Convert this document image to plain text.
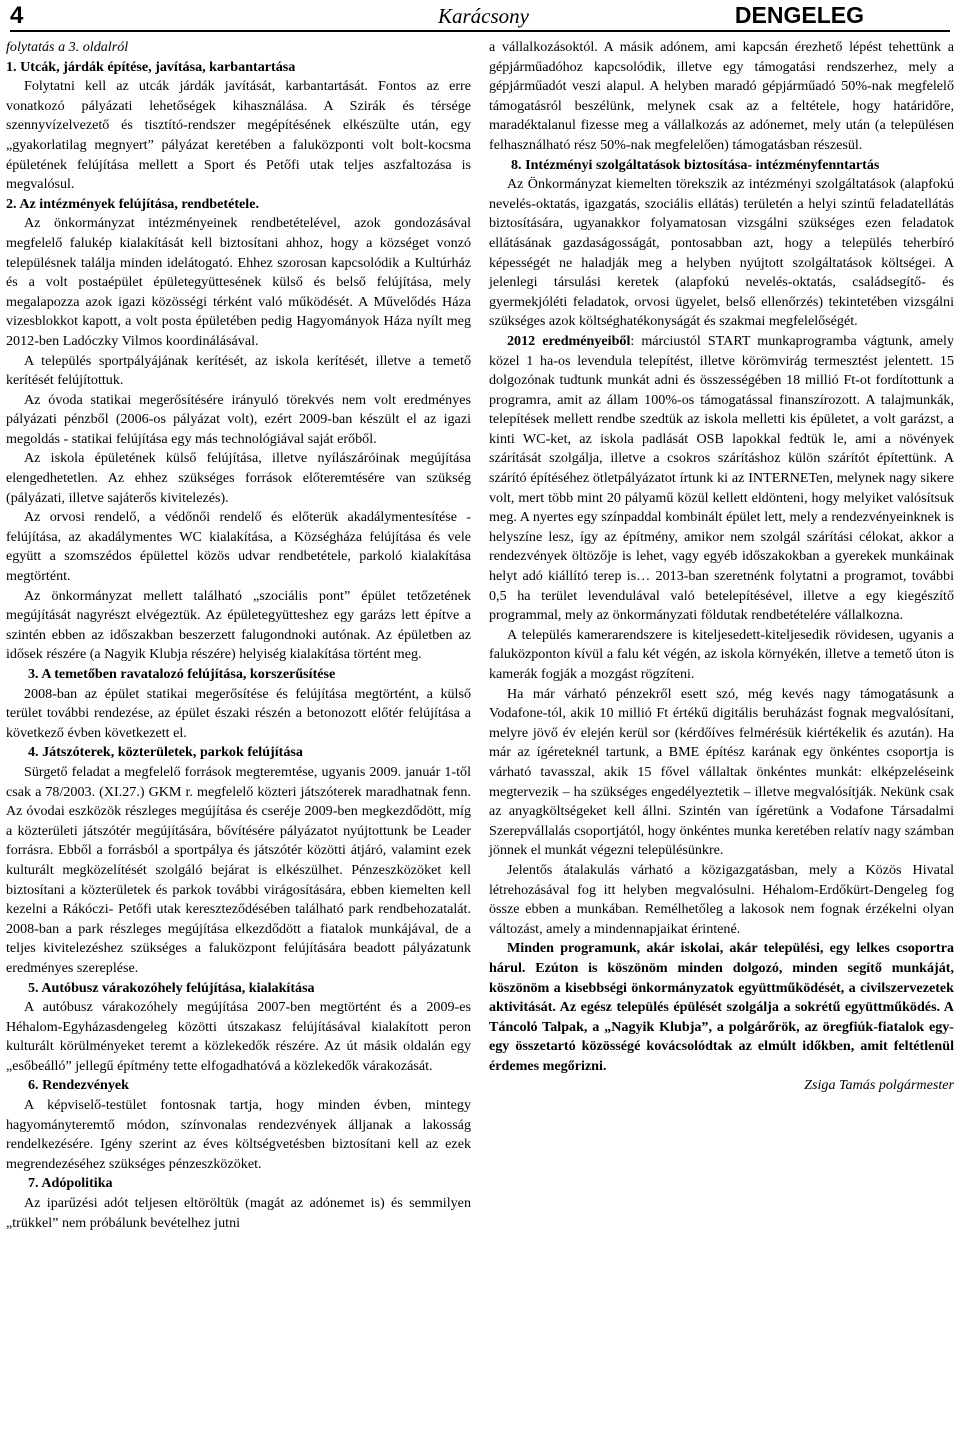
4	Karácsony	DENGELEG

folytatás a 3. oldalról

1. Utcák, járdák építése, javítása, karbantartása

Folytatni kell az utcák járdák javítását, karbantartását. Fontos az erre vonatkozó pályázati lehetőségek kihasználása. A Szirák és térsége szennyvízelvezető és tisztító-rendszer megépítésének elkészülte után, egy „gyakorlatilag megnyert” pályázat keretében a faluközponti volt bolt-kocsma épületének felújítása mellett a Sport és Petőfi utak teljes aszfaltozása is megvalósul.

2. Az intézmények felújítása, rendbetétele.

Az önkormányzat intézményeinek rendbetételével, azok gondozásával megfelelő falukép kialakítását kell biztosítani ahhoz, hogy a községet vonzó településnek találja minden idelátogató. Ehhez szorosan kapcsolódik a Kultúrház és a volt postaépület épületegyüttesének külső és belső felújítása, mely megalapozza azok igazi közösségi térként való működését. A Művelődés Háza vizesblokkot kapott, a volt posta épületében pedig Hagyományok Háza nyílt meg 2012-ben Ladóczky Vilmos koordinálásával.

A település sportpályájának kerítését, az iskola kerítését, illetve a temető kerítését felújítottuk.

Az óvoda statikai megerősítésére irányuló törekvés nem volt eredményes pályázati pénzből (2006-os pályázat volt), ezért 2009-ban készült el az igazi megoldás - statikai felújítása egy más technológiával saját erőből.

Az iskola épületének külső felújítása, illetve nyílászáróinak megújítása elengedhetetlen. Az ehhez szükséges források előteremtésére van szükség (pályázati, illetve sajáterős kivitelezés).

Az orvosi rendelő, a védőnői rendelő és előterük akadálymentesítése - felújítása, az akadálymentes WC kialakítása, a Községháza felújítása és vele együtt a szomszédos épülettel közös udvar rendbetétele, parkoló kialakítása megtörtént.

Az önkormányzat mellett található „szociális pont” épület tetőzetének megújítását nagyrészt elvégeztük. Az épületegyütteshez egy garázs lett építve a szintén ebben az időszakban beszerzett falugondnoki autónak. Az épületben az idősek részére (a Nagyik Klubja részére) helyiség kialakítása történt meg.

3. A temetőben ravatalozó felújítása, korszerűsítése

2008-ban az épület statikai megerősítése és felújítása megtörtént, a külső terület további rendezése, az épület északi részén a betonozott előtér felújítása a következő évben következett el.

4. Játszóterek, közterületek, parkok felújítása

Sürgető feladat a megfelelő források megteremtése, ugyanis 2009. január 1-től csak a 78/2003. (XI.27.) GKM r. megfelelő közteri játszóterek maradhatnak fenn. Az óvodai eszközök részleges megújítása és cseréje 2009-ben megkezdődött, míg a közterületi játszótér megújítására, bővítésére pályázatot nyújtottunk be Leader forrásra. Ebből a forrásból a sportpálya és játszótér közötti átjáró, valamint ezek kulturált megközelítését szolgáló bejárat is elkészülhet. Pénzeszközöket kell biztosítani a közterületek és parkok további virágosítására, ebben kiemelten kell kezelni a Rákóczi- Petőfi utak kereszteződésében található park rendbehozatalát. 2008-ban a park részleges megújítása elkezdődött a fiatalok munkájával, de a teljes kivitelezéshez szükséges a faluközpont felújítására beadott pályázatunk eredményes szereplése.

5. Autóbusz várakozóhely felújítása, kialakítása

A autóbusz várakozóhely megújítása 2007-ben megtörtént és a 2009-es Héhalom-Egyházasdengeleg közötti útszakasz felújításával kialakított peron kulturált körülményeket teremt a közlekedők részére. Az út másik oldalán egy „esőbeálló” jellegű építmény tette elfogadhatóvá a közlekedők várakozását.

6. Rendezvények

A képviselő-testület fontosnak tartja, hogy minden évben, mintegy hagyományteremtő módon, színvonalas rendezvények álljanak a lakosság rendelkezésére. Igény szerint az éves költségvetésben biztosítani kell az ezek megrendezéséhez szükséges pénzeszközöket.

7. Adópolitika

Az iparűzési adót teljesen eltöröltük (magát az adónemet is) és semmilyen „trükkel” nem próbálunk bevételhez jutni

a vállalkozásoktól. A másik adónem, ami kapcsán érezhető lépést tehettünk a gépjárműadóhoz kapcsolódik, illetve egy támogatási rendszerhez, mely a gépjárműadót veszi alapul. A helyben maradó gépjárműadó 50%-nak megfelelő támogatásról beszélünk, melynek csak az a feltétele, hogy határidőre, maradéktalanul fizesse meg a vállalkozás az adónemet, mely után (a településen felhasználható rész 50%-nak megfelelően) támogatásban részesül.

8. Intézményi szolgáltatások biztosítása- intézményfenntartás

Az Önkormányzat kiemelten törekszik az intézményi szolgáltatások (alapfokú nevelés-oktatás, igazgatás, szociális ellátás) területén a helyi szintű feladatellátás biztosítására, ugyanakkor folyamatosan vizsgálni szükséges ezen feladatok ellátásának gazdaságosságát, pontosabban azt, hogy a település teherbíró képességét ne haladják meg a helyben nyújtott szolgáltatások költségei. A jelenlegi társulási keretek (alapfokú nevelés-oktatás, családsegítő- és gyermekjóléti feladatok, orvosi ügyelet, belső ellenőrzés) tekintetében vizsgálni szükséges azok költséghatékonyságát és szakmai megfelelőségét.

2012 eredményeiből: márciustól START munkaprogramba vágtunk, amely közel 1 ha-os levendula telepítést, illetve körömvirág termesztést jelentett. 15 dolgozónak tudtunk munkát adni és összességében 18 millió Ft-ot fordítottunk a programra, amit az állam 100%-os támogatással finanszírozott. A talajmunkák, telepítések mellett rendbe szedtük az iskola melletti kis épületet, a volt garázst, a kinti WC-ket, az iskola padlását OSB lapokkal fedtük le, ami a növények szárítását szolgálja, illetve a csokros szárításhoz külön szárítót építettünk. A szárító építéséhez ötletpályázatot írtunk ki az INTERNETen, melynek nagy sikere volt, mert több mint 20 pályamű közül kellett eldönteni, hogy melyiket valósítsuk meg. A nyertes egy színpaddal kombinált épület lett, mely a rendezvényeinknek is helyszíne lesz, így az építmény, amikor nem szolgál szárítási célokat, akkor a rendezvények öltözője is lehet, vagy egyéb időszakokban a gyerekek munkáinak helyt adó kiállító terep is… 2013-ban szeretnénk folytatni a programot, további 0,5 ha terület levendulával való betelepítésével, illetve a egy kiegészítő programmal, mely az önkormányzati földutak rendbetételére vállalkozna.

A település kamerarendszere is kiteljesedett-kiteljesedik rövidesen, ugyanis a faluközponton kívül a falu két végén, az iskola környékén, illetve a temető úton is kamerák fogják a mozgást rögzíteni.

Ha már várható pénzekről esett szó, még kevés nagy támogatásunk a Vodafone-tól, akik 10 millió Ft értékű digitális beruházást fognak megvalósítani, melyre jövő év elején kerül sor (kérdőíves felmérésük kiértékelik és azután). Ha már az ígéreteknél tartunk, a BME építész karának egy önkéntes csoportja is várható tavasszal, akik 15 fővel vállaltak önkéntes munkát: elképzeléseink megtervezik – ha szükséges engedélyeztetik – illetve megvalósítják. Nekünk csak az anyagköltségeket kell állni. Szintén van ígéretünk a Vodafone Társadalmi Szerepvállalás csoportjától, hogy önkéntes munka keretében relatív nagy számban jönnek el munkát végezni településünkre.

Jelentős átalakulás várható a közigazgatásban, mely a Közös Hivatal létrehozásával fog itt helyben megvalósulni. Héhalom-Erdőkürt-Dengeleg fog össze ebben a munkában. Remélhetőleg a lakosok nem fognak érzékelni olyan változást, amely a mindennapjaikat érintené.

Minden programunk, akár iskolai, akár települési, egy lelkes csoportra hárul. Ezúton is köszönöm minden dolgozó, minden segítő munkáját, köszönöm a kisebbségi önkormányzatok együttműködését, a civilszervezetek aktivitását. Az egész település épülését szolgálja a sokrétű együttműködés. A Táncoló Talpak, a „Nagyik Klubja”, a polgárőrök, az öregfiúk-fiatalok egy-egy összetartó közösségé kovácsolódtak az elmúlt időkben, amit feltétlenül érdemes megőrizni.

Zsiga Tamás polgármester
